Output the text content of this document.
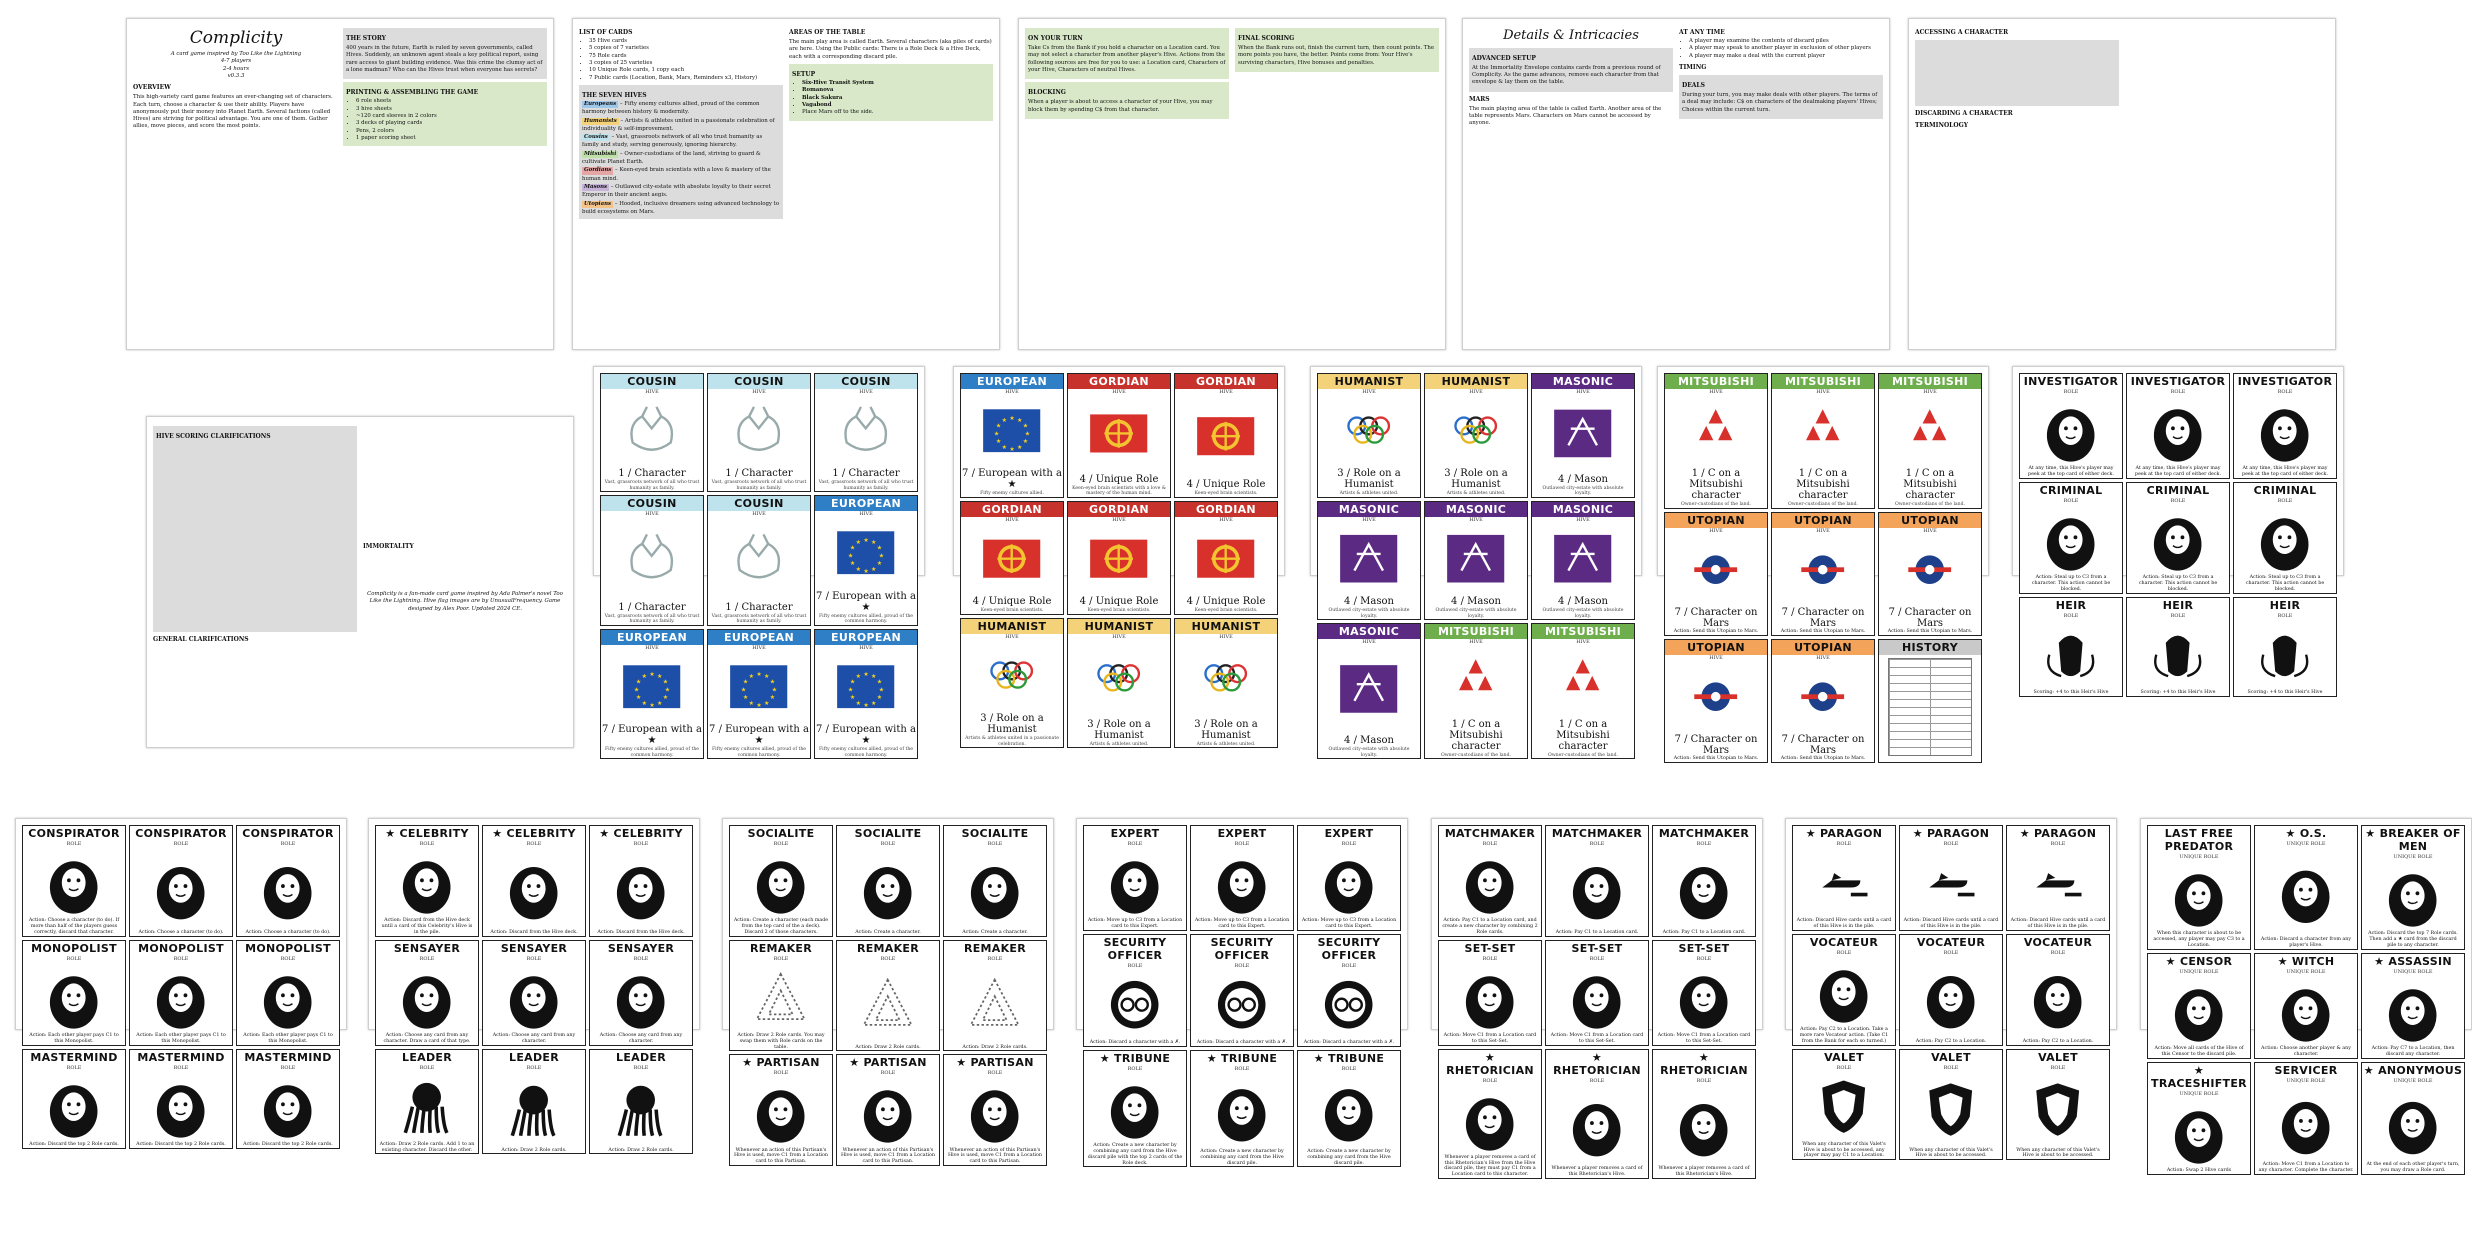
Complicity
A card game inspired by Too Like the Lightning
4-7 players
2-4 hours
v0.3.3
OVERVIEW

This high-variety card game features an ever-changing set of characters. Each turn, choose a character & use their ability. Players have anonymously put their money into Planet Earth. Several factions (called Hives) are striving for political advantage. You are one of them. Gather allies, move pieces, and score the most points.

THE STORY

400 years in the future, Earth is ruled by seven governments, called Hives. Suddenly, an unknown agent steals a key political report, using rare access to giant building evidence. Was this crime the clumsy act of a lone madman? Who can the Hives trust when everyone has secrets?

PRINTING & ASSEMBLING THE GAME
• 6 role sheets
• 3 hive sheets
• ~120 card sleeves in 2 colors
• 3 decks of playing cards
• Pens, 2 colors
• 1 paper scoring sheet
LIST OF CARDS
• 35 Hive cards
• 5 copies of 7 varieties
• 75 Role cards
• 3 copies of 25 varieties
• 10 Unique Role cards, 1 copy each
• 7 Public cards (Location, Bank, Mars, Reminders x3, History)
THE SEVEN HIVES
Europeans – Fifty enemy cultures allied, proud of the common harmony between history & modernity.
Humanists – Artists & athletes united in a passionate celebration of individuality & self-improvement.
Cousins – Vast, grassroots network of all who trust humanity as family and study, serving generously, ignoring hierarchy.
Mitsubishi – Owner-custodians of the land, striving to guard & cultivate Planet Earth.
Gordians – Keen-eyed brain scientists with a love & mastery of the human mind.
Masons – Outlawed city-estate with absolute loyalty to their secret Emperor in their ancient aegis.
Utopians – Hooded, inclusive dreamers using advanced technology to build ecosystems on Mars.
AREAS OF THE TABLE

The main play area is called Earth. Several characters (aka piles of cards) are here. Using the Public cards: There is a Role Deck & a Hive Deck, each with a corresponding discard pile.

SETUP
• Six-Hive Transit System
• Romanova
• Black Sakura
• Vagabond
• Place Mars off to the side.
ON YOUR TURN

Take Cs from the Bank if you hold a character on a Location card. You may not select a character from another player's Hive. Actions from the following sources are free for you to use: a Location card, Characters of your Hive, Characters of neutral Hives.

BLOCKING

When a player is about to access a character of your Hive, you may block them by spending C$ from that character.

FINAL SCORING

When the Bank runs out, finish the current turn, then count points. The more points you have, the better. Points come from: Your Hive's surviving characters, Hive bonuses and penalties.

Details & Intricacies
ADVANCED SETUP

At the Immortality Envelope contains cards from a previous round of Complicity. As the game advances, remove each character from that envelope & lay them on the table.

MARS

The main playing area of the table is called Earth. Another area of the table represents Mars. Characters on Mars cannot be accessed by anyone.

AT ANY TIME
• A player may examine the contents of discard piles
• A player may speak to another player in exclusion of other players
• A player may make a deal with the current player
TIMING
DEALS

During your turn, you may make deals with other players. The terms of a deal may include: C$ on characters of the dealmaking players' Hives; Choices within the current turn.

ACCESSING A CHARACTER
DISCARDING A CHARACTER
TERMINOLOGY
HIVE SCORING CLARIFICATIONS
GENERAL CLARIFICATIONS
IMMORTALITY

Complicity is a fan-made card game inspired by Ada Palmer's novel Too Like the Lightning. Hive flag images are by UnusualFrequency. Game designed by Alex Poor. Updated 2024 CE.

COUSIN
HIVE
1 / Character
Vast, grassroots network of all who trust humanity as family.
COUSIN
HIVE
1 / Character
Vast, grassroots network of all who trust humanity as family.
COUSIN
HIVE
1 / Character
Vast, grassroots network of all who trust humanity as family.
COUSIN
HIVE
1 / Character
Vast, grassroots network of all who trust humanity as family.
COUSIN
HIVE
1 / Character
Vast, grassroots network of all who trust humanity as family.
EUROPEAN
HIVE
★
★
★
★
★
★
★
★
★ ★ ★
★
7 / European with a ★
Fifty enemy cultures allied, proud of the common harmony.
EUROPEAN
HIVE
★
★
★
★
★
★
★
★
★ ★ ★
★
7 / European with a ★
Fifty enemy cultures allied, proud of the common harmony.
EUROPEAN
HIVE
★
★
★
★
★
★
★
★
★ ★ ★
★
7 / European with a ★
Fifty enemy cultures allied, proud of the common harmony.
EUROPEAN
HIVE
★
★
★
★
★
★
★
★
★ ★ ★
★
7 / European with a ★
Fifty enemy cultures allied, proud of the common harmony.
EUROPEAN
HIVE
★
★
★
★
★
★
★
★
★ ★ ★
★
7 / European with a ★
Fifty enemy cultures allied.
GORDIAN
HIVE
4 / Unique Role
Keen-eyed brain scientists with a love & mastery of the human mind.
GORDIAN
HIVE
4 / Unique Role
Keen-eyed brain scientists.
GORDIAN
HIVE
4 / Unique Role
Keen-eyed brain scientists.
GORDIAN
HIVE
4 / Unique Role
Keen-eyed brain scientists.
GORDIAN
HIVE
4 / Unique Role
Keen-eyed brain scientists.
HUMANIST
HIVE
3 / Role on a Humanist
Artists & athletes united in a passionate celebration.
HUMANIST
HIVE
3 / Role on a Humanist
Artists & athletes united.
HUMANIST
HIVE
3 / Role on a Humanist
Artists & athletes united.
HUMANIST
HIVE
3 / Role on a Humanist
Artists & athletes united.
HUMANIST
HIVE
3 / Role on a Humanist
Artists & athletes united.
MASONIC
HIVE
4 / Mason
Outlawed city-estate with absolute loyalty.
MASONIC
HIVE
4 / Mason
Outlawed city-estate with absolute loyalty.
MASONIC
HIVE
4 / Mason
Outlawed city-estate with absolute loyalty.
MASONIC
HIVE
4 / Mason
Outlawed city-estate with absolute loyalty.
MASONIC
HIVE
4 / Mason
Outlawed city-estate with absolute loyalty.
MITSUBISHI
HIVE
1 / C on a Mitsubishi character
Owner-custodians of the land.
MITSUBISHI
HIVE
1 / C on a Mitsubishi character
Owner-custodians of the land.
MITSUBISHI
HIVE
1 / C on a Mitsubishi character
Owner-custodians of the land.
MITSUBISHI
HIVE
1 / C on a Mitsubishi character
Owner-custodians of the land.
MITSUBISHI
HIVE
1 / C on a Mitsubishi character
Owner-custodians of the land.
UTOPIAN
HIVE
7 / Character on Mars
Action: Send this Utopian to Mars.
UTOPIAN
HIVE
7 / Character on Mars
Action: Send this Utopian to Mars.
UTOPIAN
HIVE
7 / Character on Mars
Action: Send this Utopian to Mars.
UTOPIAN
HIVE
7 / Character on Mars
Action: Send this Utopian to Mars.
UTOPIAN
HIVE
7 / Character on Mars
Action: Send this Utopian to Mars.
HISTORY
INVESTIGATOR
ROLE
At any time, this Hive's player may peek at the top card of either deck.
INVESTIGATOR
ROLE
At any time, this Hive's player may peek at the top card of either deck.
INVESTIGATOR
ROLE
At any time, this Hive's player may peek at the top card of either deck.
CRIMINAL
ROLE
Action: Steal up to C3 from a character. This action cannot be blocked.
CRIMINAL
ROLE
Action: Steal up to C3 from a character. This action cannot be blocked.
CRIMINAL
ROLE
Action: Steal up to C3 from a character. This action cannot be blocked.
HEIR
ROLE
Scoring: +4 to this Heir's Hive
HEIR
ROLE
Scoring: +4 to this Heir's Hive
HEIR
ROLE
Scoring: +4 to this Heir's Hive
CONSPIRATOR
ROLE
Action: Choose a character (to do). If more than half of the players guess correctly, discard that character.
CONSPIRATOR
ROLE
Action: Choose a character (to do).
CONSPIRATOR
ROLE
Action: Choose a character (to do).
MONOPOLIST
ROLE
Action: Each other player pays C1 to this Monopolist.
MONOPOLIST
ROLE
Action: Each other player pays C1 to this Monopolist.
MONOPOLIST
ROLE
Action: Each other player pays C1 to this Monopolist.
MASTERMIND
ROLE
Action: Discard the top 2 Role cards.
MASTERMIND
ROLE
Action: Discard the top 2 Role cards.
MASTERMIND
ROLE
Action: Discard the top 2 Role cards.
★ CELEBRITY
ROLE
Action: Discard from the Hive deck until a card of this Celebrity's Hive is in the pile.
★ CELEBRITY
ROLE
Action: Discard from the Hive deck.
★ CELEBRITY
ROLE
Action: Discard from the Hive deck.
SENSAYER
ROLE
Action: Choose any card from any character. Draw a card of that type.
SENSAYER
ROLE
Action: Choose any card from any character.
SENSAYER
ROLE
Action: Choose any card from any character.
LEADER
ROLE
Action: Draw 2 Role cards. Add 1 to an existing character. Discard the other.
LEADER
ROLE
Action: Draw 2 Role cards.
LEADER
ROLE
Action: Draw 2 Role cards.
SOCIALITE
ROLE
Action: Create a character (each made from the top card of the a deck). Discard 2 of those characters.
SOCIALITE
ROLE
Action: Create a character.
SOCIALITE
ROLE
Action: Create a character.
REMAKER
ROLE
Action: Draw 2 Role cards. You may swap them with Role cards on the table.
REMAKER
ROLE
Action: Draw 2 Role cards.
REMAKER
ROLE
Action: Draw 2 Role cards.
★ PARTISAN
ROLE
Whenever an action of this Partisan's Hive is used, move C1 from a Location card to this Partisan.
★ PARTISAN
ROLE
Whenever an action of this Partisan's Hive is used, move C1 from a Location card to this Partisan.
★ PARTISAN
ROLE
Whenever an action of this Partisan's Hive is used, move C1 from a Location card to this Partisan.
EXPERT
ROLE
Action: Move up to C3 from a Location card to this Expert.
EXPERT
ROLE
Action: Move up to C3 from a Location card to this Expert.
EXPERT
ROLE
Action: Move up to C3 from a Location card to this Expert.
SECURITY OFFICER
ROLE
Action: Discard a character with a ✗.
SECURITY OFFICER
ROLE
Action: Discard a character with a ✗.
SECURITY OFFICER
ROLE
Action: Discard a character with a ✗.
★ TRIBUNE
ROLE
Action: Create a new character by combining any card from the Hive discard pile with the top 2 cards of the Role deck.
★ TRIBUNE
ROLE
Action: Create a new character by combining any card from the Hive discard pile.
★ TRIBUNE
ROLE
Action: Create a new character by combining any card from the Hive discard pile.
MATCHMAKER
ROLE
Action: Pay C1 to a Location card, and create a new character by combining 2 Role cards.
MATCHMAKER
ROLE
Action: Pay C1 to a Location card.
MATCHMAKER
ROLE
Action: Pay C1 to a Location card.
SET-SET
ROLE
Action: Move C1 from a Location card to this Set-Set.
SET-SET
ROLE
Action: Move C1 from a Location card to this Set-Set.
SET-SET
ROLE
Action: Move C1 from a Location card to this Set-Set.
★ RHETORICIAN
ROLE
Whenever a player removes a card of this Rhetorician's Hive from the Hive discard pile, they must pay C1 from a Location card to this character.
★ RHETORICIAN
ROLE
Whenever a player removes a card of this Rhetorician's Hive.
★ RHETORICIAN
ROLE
Whenever a player removes a card of this Rhetorician's Hive.
★ PARAGON
ROLE
Action: Discard Hive cards until a card of this Hive is in the pile.
★ PARAGON
ROLE
Action: Discard Hive cards until a card of this Hive is in the pile.
★ PARAGON
ROLE
Action: Discard Hive cards until a card of this Hive is in the pile.
VOCATEUR
ROLE
Action: Pay C2 to a Location. Take a more rare Vocateur action. (Take C1 from the Bank for each so turned.)
VOCATEUR
ROLE
Action: Pay C2 to a Location.
VOCATEUR
ROLE
Action: Pay C2 to a Location.
VALET
ROLE
When any character of this Valet's Hive is about to be accessed, any player may pay C1 to a Location.
VALET
ROLE
When any character of this Valet's Hive is about to be accessed.
VALET
ROLE
When any character of this Valet's Hive is about to be accessed.
LAST FREE PREDATOR
UNIQUE ROLE
When this character is about to be accessed, any player may pay C3 to a Location.
★ O.S.
UNIQUE ROLE
Action: Discard a character from any player's Hive.
★ BREAKER OF MEN
UNIQUE ROLE
Action: Discard the top 7 Role cards. Then add a ★ card from the discard pile to any character.
★ CENSOR
UNIQUE ROLE
Action: Move all cards of the Hive of this Censor to the discard pile.
★ WITCH
UNIQUE ROLE
Action: Choose another player & any character.
★ ASSASSIN
UNIQUE ROLE
Action: Pay C7 to a Location, then discard any character.
★ TRACESHIFTER
UNIQUE ROLE
Action: Swap 2 Hive cards
SERVICER
UNIQUE ROLE
Action: Move C1 from a Location to any character. Complete the character.
★ ANONYMOUS
UNIQUE ROLE
At the end of each other player's turn, you may draw a Role card.
